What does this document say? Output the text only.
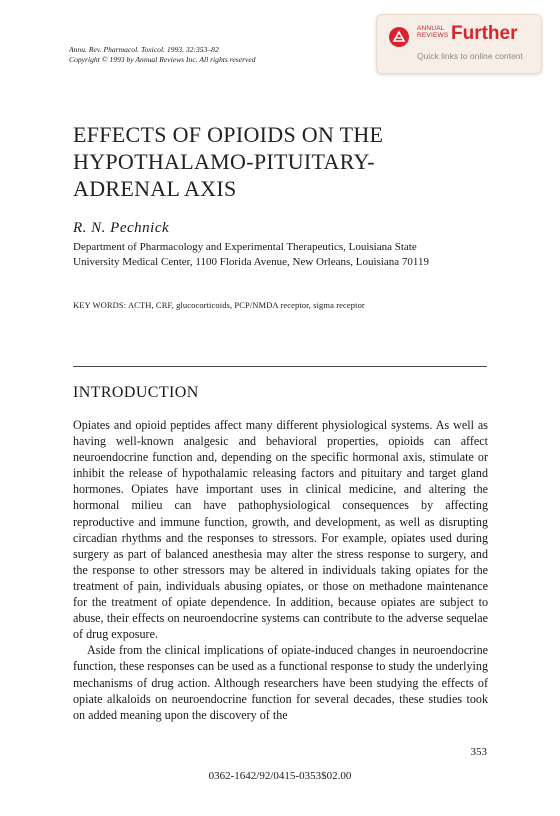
Annu. Rev. Pharmacol. Toxicol. 1993. 32:353–82
Copyright © 1993 by Annual Reviews Inc. All rights reserved
ANNUAL
REVIEWS Further
Quick links to online content
EFFECTS OF OPIOIDS ON THE
HYPOTHALAMO-PITUITARY-
ADRENAL AXIS
R. N. Pechnick
Department of Pharmacology and Experimental Therapeutics, Louisiana State
University Medical Center, 1100 Florida Avenue, New Orleans, Louisiana 70119
KEY WORDS: ACTH, CRF, glucocorticoids, PCP/NMDA receptor, sigma receptor
INTRODUCTION

Opiates and opioid peptides affect many different physiological systems. As well as having well-known analgesic and behavioral properties, opioids can affect neuroendocrine function and, depending on the specific hormonal axis, stimulate or inhibit the release of hypothalamic releasing factors and pituitary and target gland hormones. Opiates have important uses in clinical medicine, and altering the hormonal milieu can have pathophysiological consequences by affecting reproductive and immune function, growth, and development, as well as disrupting circadian rhythms and the responses to stressors. For example, opiates used during surgery as part of balanced anesthesia may alter the stress response to surgery, and the response to other stressors may be altered in individuals taking opiates for the treatment of pain, individuals abusing opiates, or those on methadone maintenance for the treatment of opiate dependence. In addition, because opiates are subject to abuse, their effects on neuroendocrine systems can contribute to the adverse sequelae of drug exposure.

Aside from the clinical implications of opiate-induced changes in neuroendocrine function, these responses can be used as a functional response to study the underlying mechanisms of drug action. Although researchers have been studying the effects of opiate alkaloids on neuroendocrine function for several decades, these studies took on added meaning upon the discovery of the

353
0362-1642/92/0415-0353$02.00
